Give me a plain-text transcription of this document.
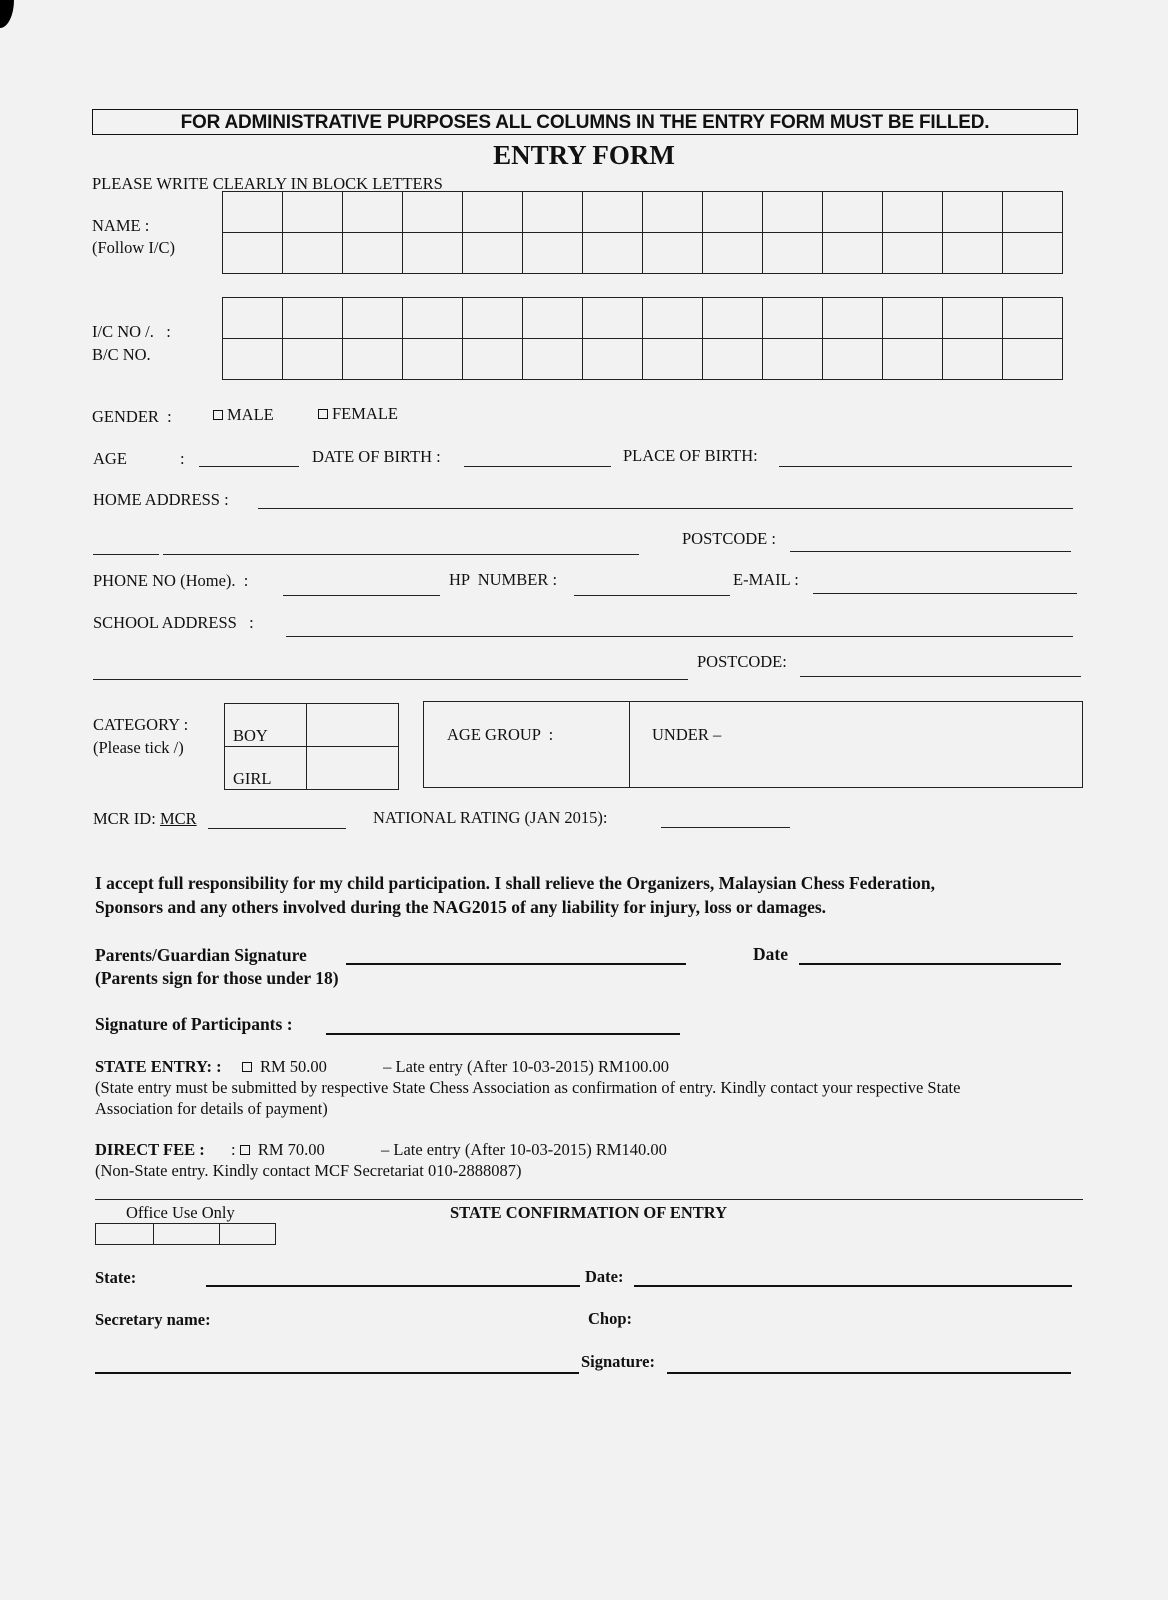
FOR ADMINISTRATIVE PURPOSES ALL COLUMNS IN THE ENTRY FORM MUST BE FILLED.
ENTRY FORM
PLEASE WRITE CLEARLY IN BLOCK LETTERS
NAME :
(Follow I/C)

I/C NO /.   :
B/C NO.

GENDER  :	MALE	FEMALE
AGE	:	DATE OF BIRTH :	PLACE OF BIRTH:
HOME ADDRESS :
POSTCODE :
PHONE NO (Home).  :	HP  NUMBER :	E-MAIL :
SCHOOL ADDRESS   :
POSTCODE:
CATEGORY :
(Please tick /)
BOY	
GIRL	
AGE GROUP  :	UNDER –
MCR ID: MCR	NATIONAL RATING (JAN 2015):
I accept full responsibility for my child participation. I shall relieve the Organizers, Malaysian Chess Federation,
Sponsors and any others involved during the NAG2015 of any liability for injury, loss or damages.
Parents/Guardian Signature
(Parents sign for those under 18)
Date
Signature of Participants :
STATE ENTRY: : RM 50.00	– Late entry (After 10-03-2015) RM100.00
(State entry must be submitted by respective State Chess Association as confirmation of entry. Kindly contact your respective State
Association for details of payment)
DIRECT FEE : : RM 70.00	– Late entry (After 10-03-2015) RM140.00
(Non-State entry. Kindly contact MCF Secretariat 010-2888087)
Office Use Only
			STATE CONFIRMATION OF ENTRY
State:	Date:
Secretary name:	Chop:
Signature:
